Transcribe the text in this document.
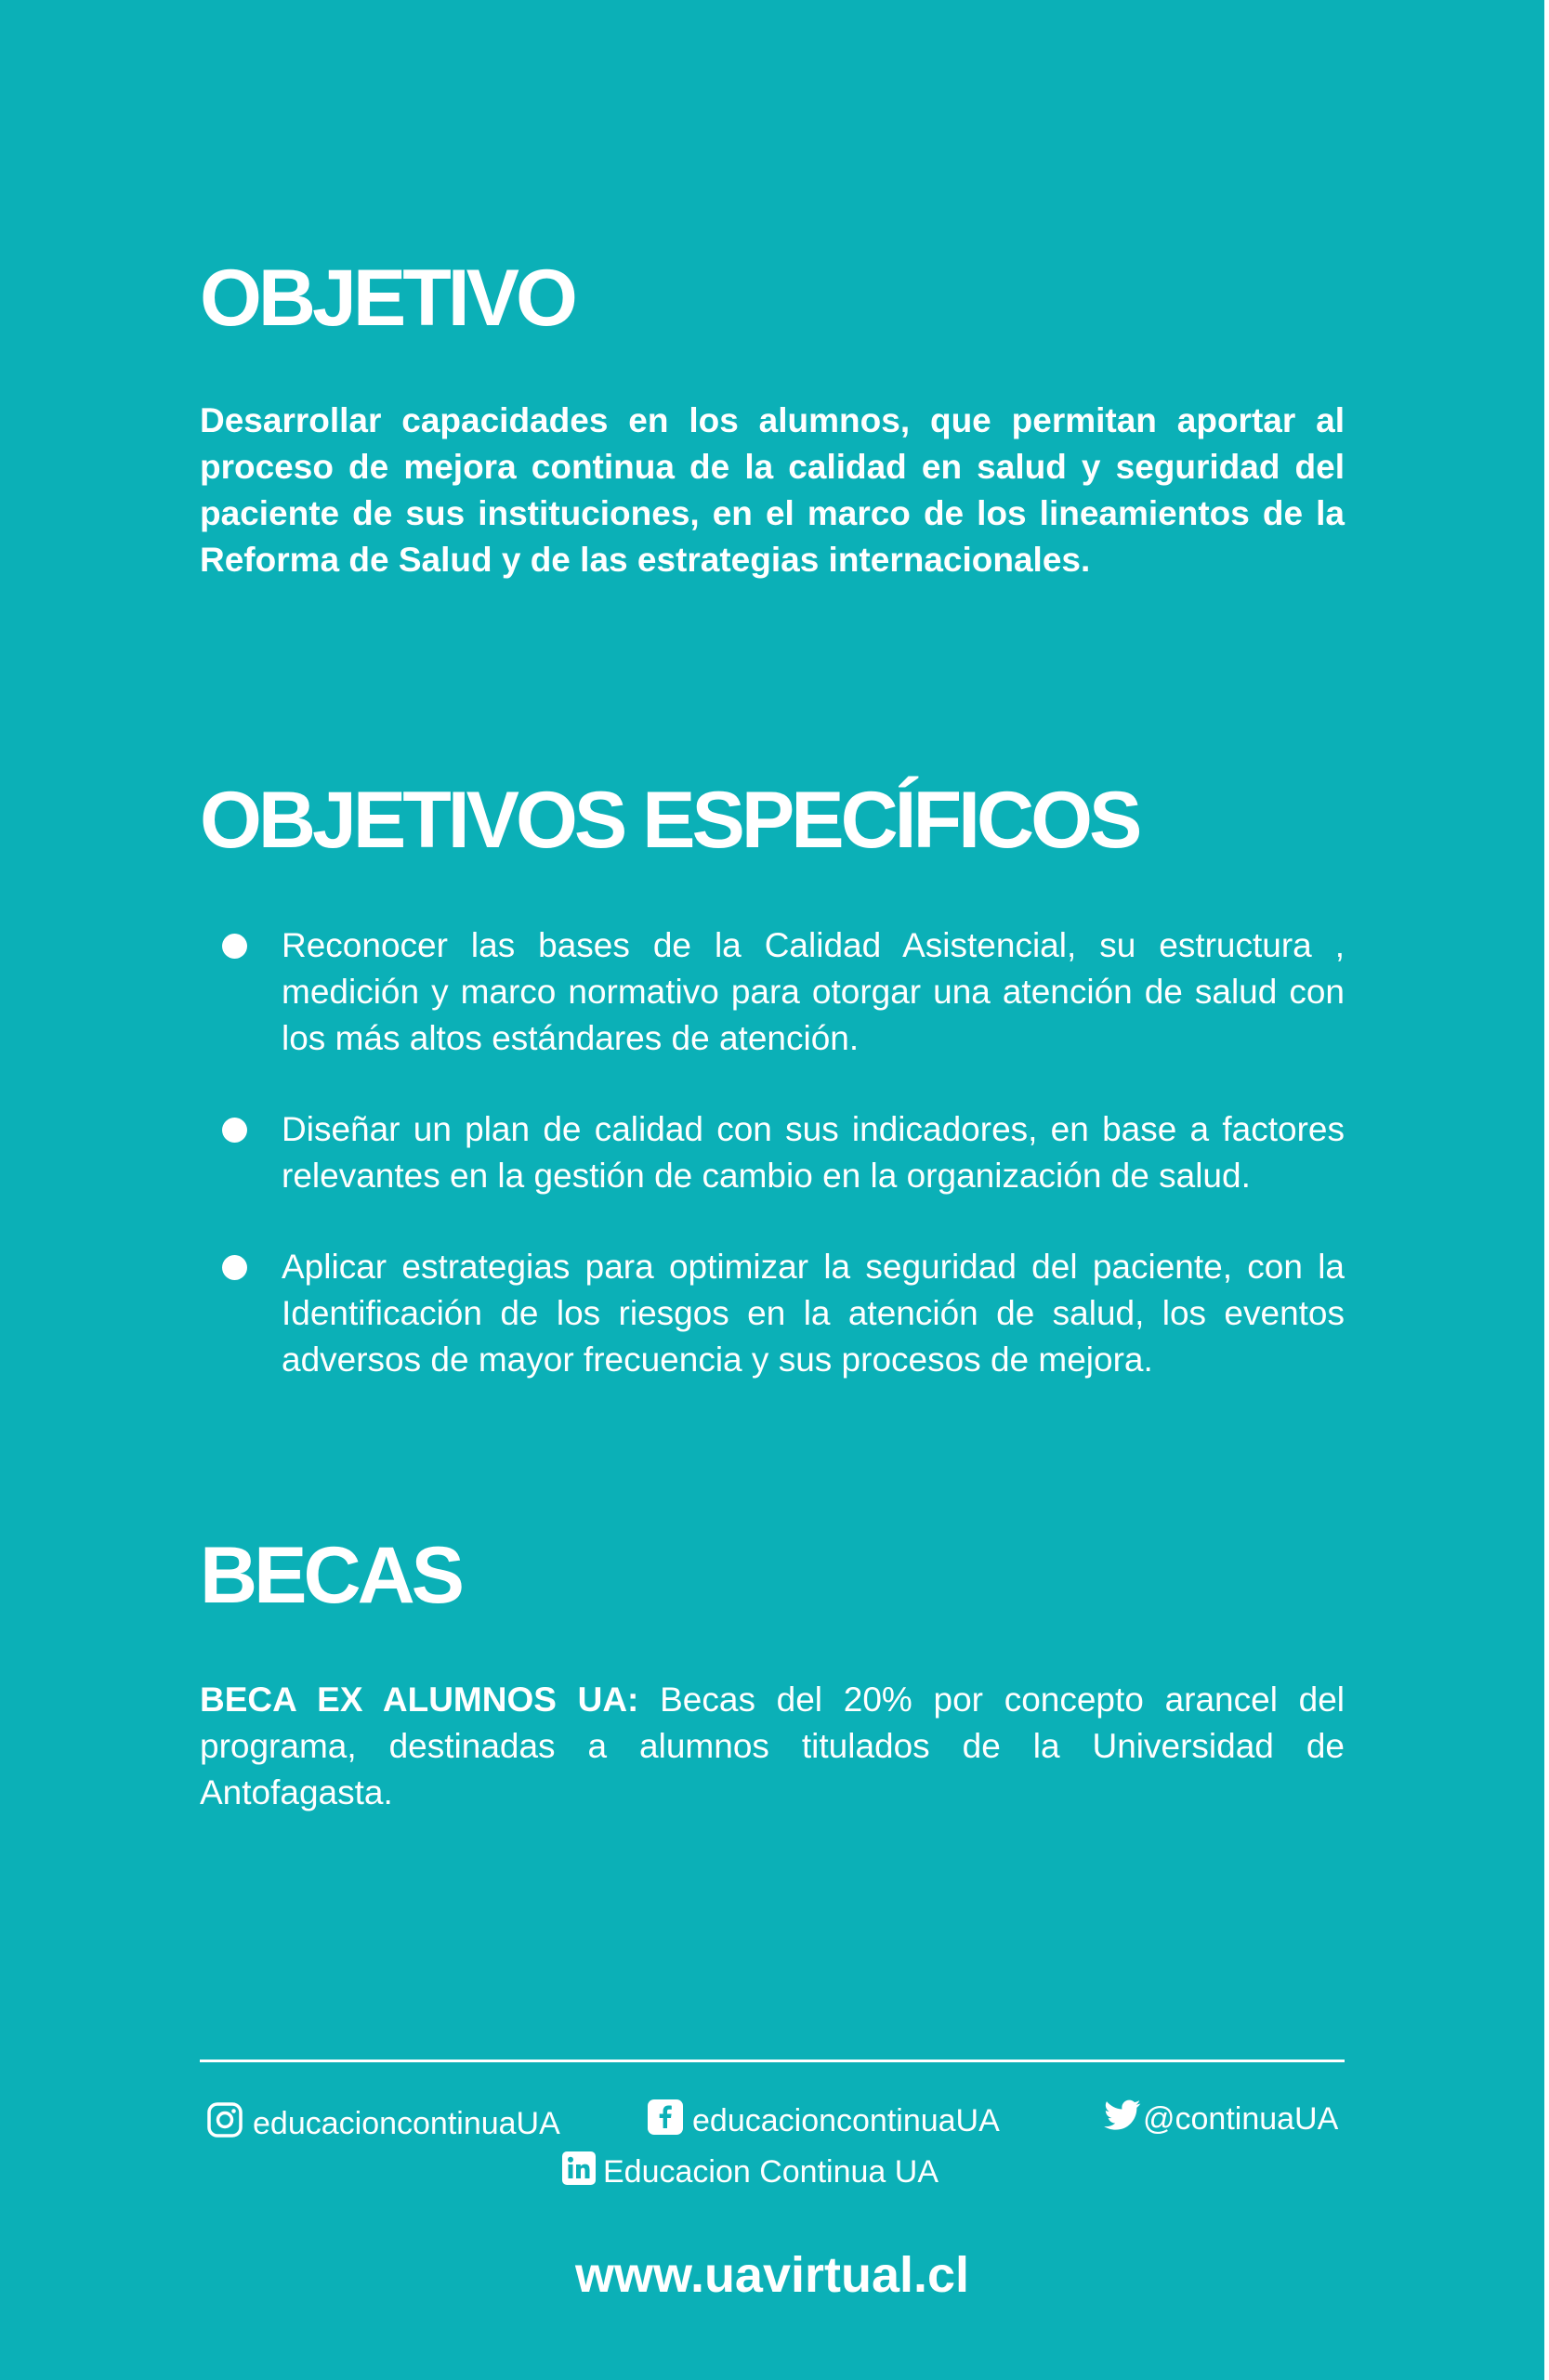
OBJETIVO

Desarrollar capacidades en los alumnos, que permitan aportar al proceso de mejora continua de la calidad en salud y seguridad del paciente de sus instituciones, en el marco de los lineamientos de la Reforma de Salud y de las estrategias internacionales.

OBJETIVOS ESPECÍFICOS
Reconocer las bases de la Calidad Asistencial, su estructura , medición y marco normativo para otorgar una atención de salud con los más altos estándares de atención.
Diseñar un plan de calidad con sus indicadores, en base a factores relevantes en la gestión de cambio en la organización de salud.
Aplicar estrategias para optimizar la seguridad del paciente, con la Identificación de los riesgos en la atención de salud, los eventos adversos de mayor frecuencia y sus procesos de mejora.
BECAS

BECA EX ALUMNOS UA: Becas del 20% por concepto arancel del programa, destinadas a alumnos titulados de la Universidad de Antofagasta.

educacioncontinuaUA	educacioncontinuaUA	@continuaUA
Educacion Continua UA
www.uavirtual.cl
